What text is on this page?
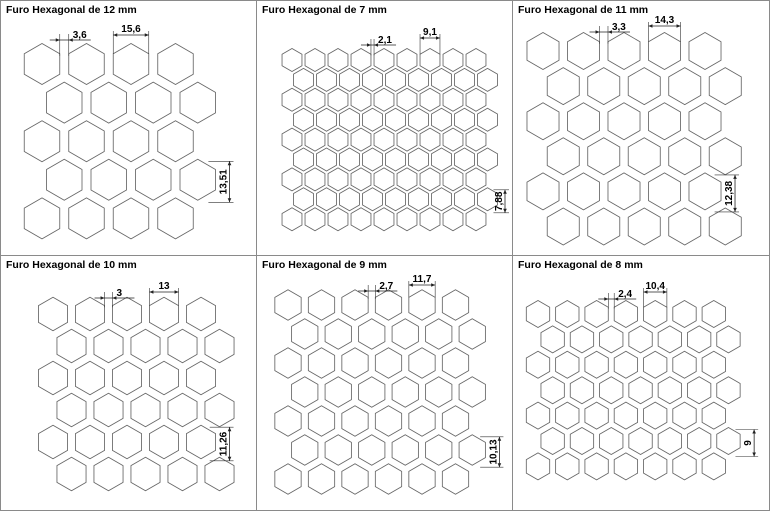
Furo Hexagonal de 12 mm
3,6
15,6
13,51
Furo Hexagonal de 7 mm
2,1
9,1
7,88
Furo Hexagonal de 11 mm
3,3
14,3
12,38
Furo Hexagonal de 10 mm
3
13
11,26
Furo Hexagonal de 9 mm
2,7
11,7
10,13
Furo Hexagonal de 8 mm
2,4
10,4
9
